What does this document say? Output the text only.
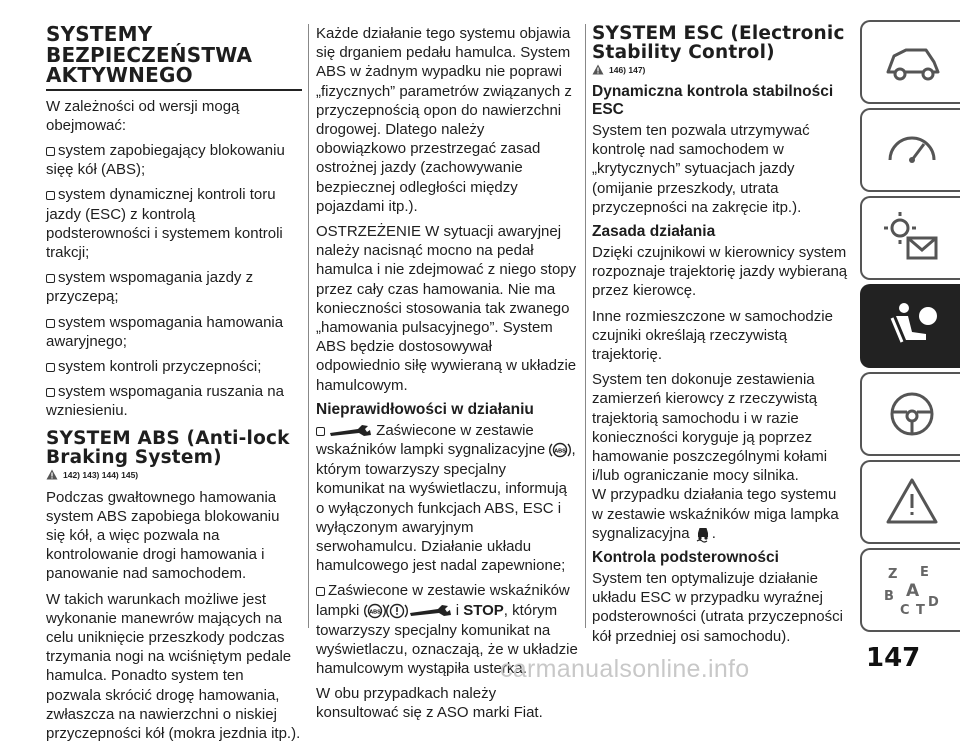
SYSTEMY BEZPIECZEŃSTWA AKTYWNEGO

W zależności od wersji mogą obejmować:

system zapobiegający blokowaniu sięę kół (ABS);

system dynamicznej kontroli toru jazdy (ESC) z kontrolą podsterowności i systemem kontroli trakcji;

system wspomagania jazdy z przyczepą;

system wspomagania hamowania awaryjnego;

system kontroli przyczepności;

system wspomagania ruszania na wzniesieniu.

SYSTEM ABS (Anti-lock Braking System)
142) 143) 144) 145)

Podczas gwałtownego hamowania system ABS zapobiega blokowaniu się kół, a więc pozwala na kontrolowanie drogi hamowania i panowanie nad samochodem.

W takich warunkach możliwe jest wykonanie manewrów mających na celu uniknięcie przeszkody podczas trzymania nogi na wciśniętym pedale hamulca. Ponadto system ten pozwala skrócić drogę hamowania, zwłaszcza na nawierzchni o niskiej przyczepności kół (mokra jezdnia itp.).

Każde działanie tego systemu objawia się drganiem pedału hamulca. System ABS w żadnym wypadku nie poprawi „fizycznych” parametrów związanych z przyczepnością opon do nawierzchni drogowej. Dlatego należy obowiązkowo przestrzegać zasad ostrożnej jazdy (zachowywanie bezpiecznej odległości między pojazdami itp.).

OSTRZEŻENIE W sytuacji awaryjnej należy nacisnąć mocno na pedał hamulca i nie zdejmować z niego stopy przez cały czas hamowania. Nie ma konieczności stosowania tak zwanego „hamowania pulsacyjnego”. System ABS będzie dostosowywał odpowiednio siłę wywieraną w układzie hamulcowym.

Nieprawidłowości w działaniu

Zaświecone w zestawie wskaźników lampki sygnalizacyjne ABS , którym towarzyszy specjalny komunikat na wyświetlaczu, informują o wyłączonych funkcjach ABS, ESC i wyłączonym awaryjnym serwohamulcu. Działanie układu hamulcowego jest nadal zapewnione;

Zaświecone w zestawie wskaźników lampki ABS	i STOP, którym towarzyszy specjalny komunikat na wyświetlaczu, oznaczają, że w układzie hamulcowym wystąpiła usterka.

W obu przypadkach należy konsultować się z ASO marki Fiat.

SYSTEM ESC (Electronic Stability Control)
146) 147)
Dynamiczna kontrola stabilności ESC

System ten pozwala utrzymywać kontrolę nad samochodem w „krytycznych” sytuacjach jazdy (omijanie przeszkody, utrata przyczepności na zakręcie itp.).

Zasada działania

Dzięki czujnikowi w kierownicy system rozpoznaje trajektorię jazdy wybieraną przez kierowcę.

Inne rozmieszczone w samochodzie czujniki określają rzeczywistą trajektorię.

System ten dokonuje zestawienia zamierzeń kierowcy z rzeczywistą trajektorią samochodu i w razie konieczności koryguje ją poprzez hamowanie poszczególnymi kołami i/lub ograniczanie mocy silnika.

W przypadku działania tego systemu w zestawie wskaźników miga lampka sygnalizacyjna .

Kontrola podsterowności

System ten optymalizuje działanie układu ESC w przypadku wyraźnej podsterowności (utrata przyczepności kół przedniej osi samochodu).

Z E
B
C T
A
D
147
carmanualsonline.info
